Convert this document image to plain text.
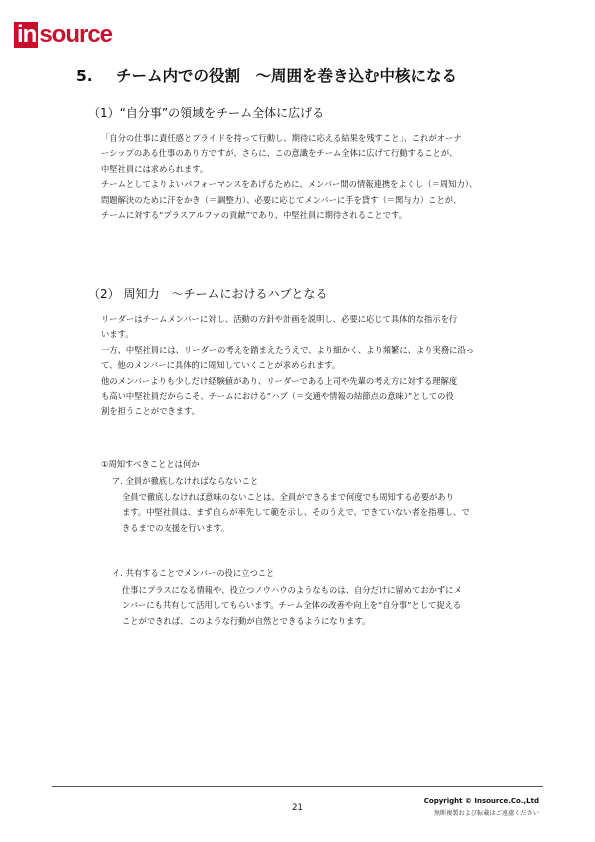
in source
5. チーム内での役割　～周囲を巻き込む中核になる
（1）“自分事”の領域をチーム全体に広げる
「自分の仕事に責任感とプライドを持って行動し、期待に応える結果を残すこと」、これがオーナ
ーシップのある仕事のあり方ですが、さらに、この意識をチーム全体に広げて行動することが、
中堅社員には求められます。
チームとしてよりよいパフォーマンスをあげるために、メンバー間の情報連携をよくし（＝周知力）、
問題解決のために汗をかき（＝調整力）、必要に応じてメンバーに手を貸す（＝関与力）ことが、
チームに対する“プラスアルファの貢献”であり、中堅社員に期待されることです。
（2） 周知力　～チームにおけるハブとなる
リーダーはチームメンバーに対し、活動の方針や計画を説明し、必要に応じて具体的な指示を行
います。
一方、中堅社員には、リーダーの考えを踏まえたうえで、より細かく、より頻繁に、より実務に沿っ
て、他のメンバーに具体的に周知していくことが求められます。
他のメンバーよりも少しだけ経験値があり、リーダーである上司や先輩の考え方に対する理解度
も高い中堅社員だからこそ、チームにおける“ハブ（＝交通や情報の結節点の意味）”としての役
割を担うことができます。
①周知すべきこととは何か
ア. 全員が徹底しなければならないこと
全員で徹底しなければ意味のないことは、全員ができるまで何度でも周知する必要があり
ます。中堅社員は、まず自らが率先して範を示し、そのうえで、できていない者を指導し、で
きるまでの支援を行います。
イ. 共有することでメンバーの役に立つこと
仕事にプラスになる情報や、役立つノウハウのようなものは、自分だけに留めておかずにメ
ンバーにも共有して活用してもらいます。チーム全体の改善や向上を“自分事”として捉える
ことができれば、このような行動が自然とできるようになります。
21
Copyright © Insource.Co.,Ltd
無断複製および転載はご遠慮ください
